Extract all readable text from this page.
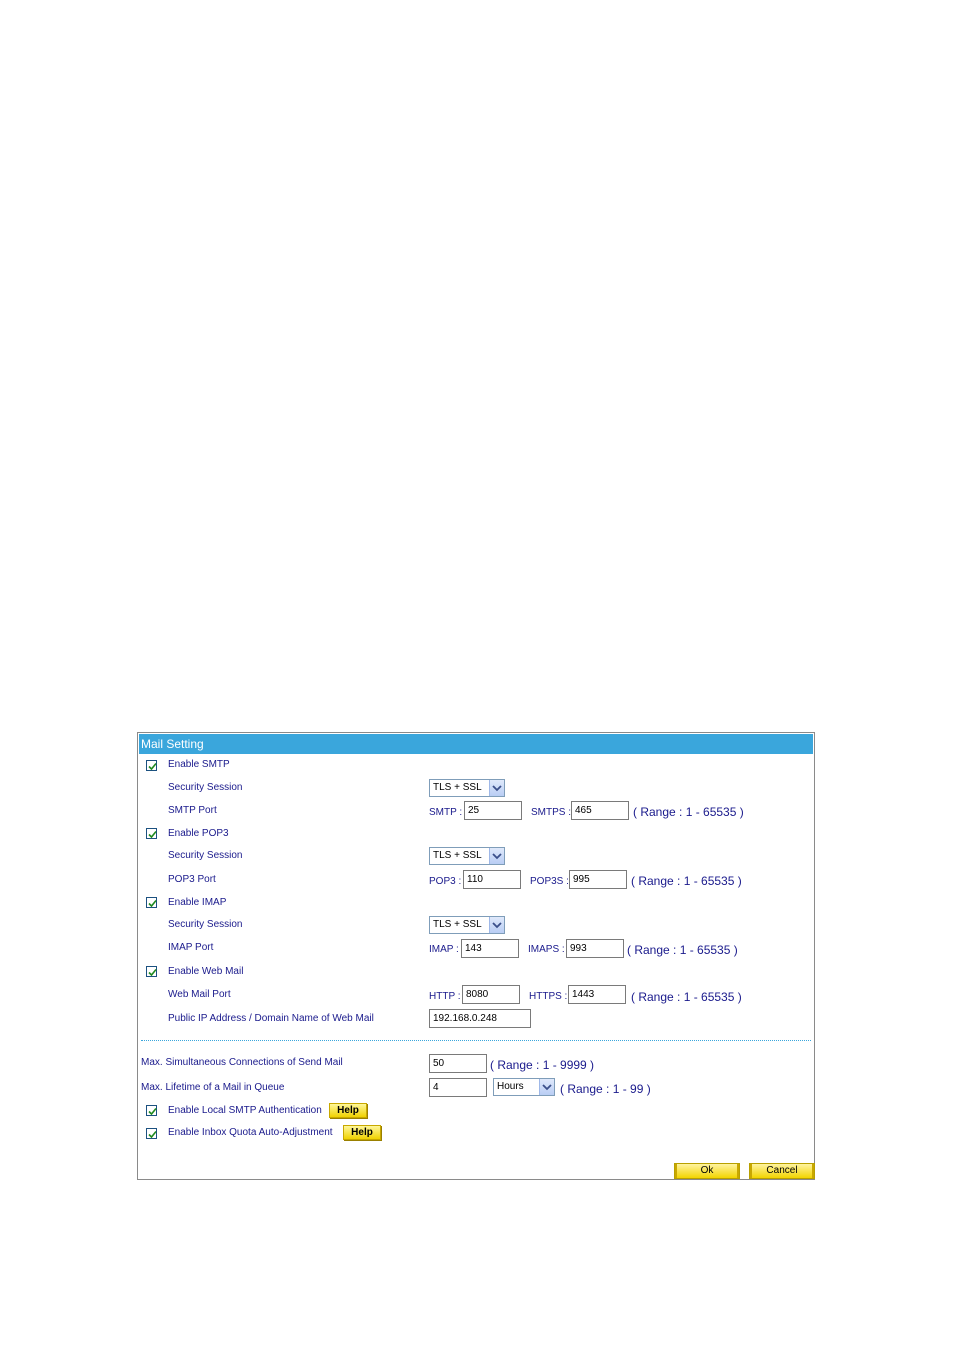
Mail Setting
Enable SMTP
Security Session	TLS + SSL
SMTP Port	SMTP : 25	SMTPS : 465	( Range : 1 - 65535 )
Enable POP3
Security Session	TLS + SSL
POP3 Port	POP3 : 110	POP3S : 995	( Range : 1 - 65535 )
Enable IMAP
Security Session	TLS + SSL
IMAP Port	IMAP : 143	IMAPS : 993	( Range : 1 - 65535 )
Enable Web Mail
Web Mail Port	HTTP : 8080	HTTPS : 1443	( Range : 1 - 65535 )
Public IP Address / Domain Name of Web Mail	192.168.0.248
Max. Simultaneous Connections of Send Mail	50	( Range : 1 - 9999 )
Max. Lifetime of a Mail in Queue	4	Hours	( Range : 1 - 99 )
Enable Local SMTP Authentication	Help
Enable Inbox Quota Auto-Adjustment	Help
Ok	Cancel
